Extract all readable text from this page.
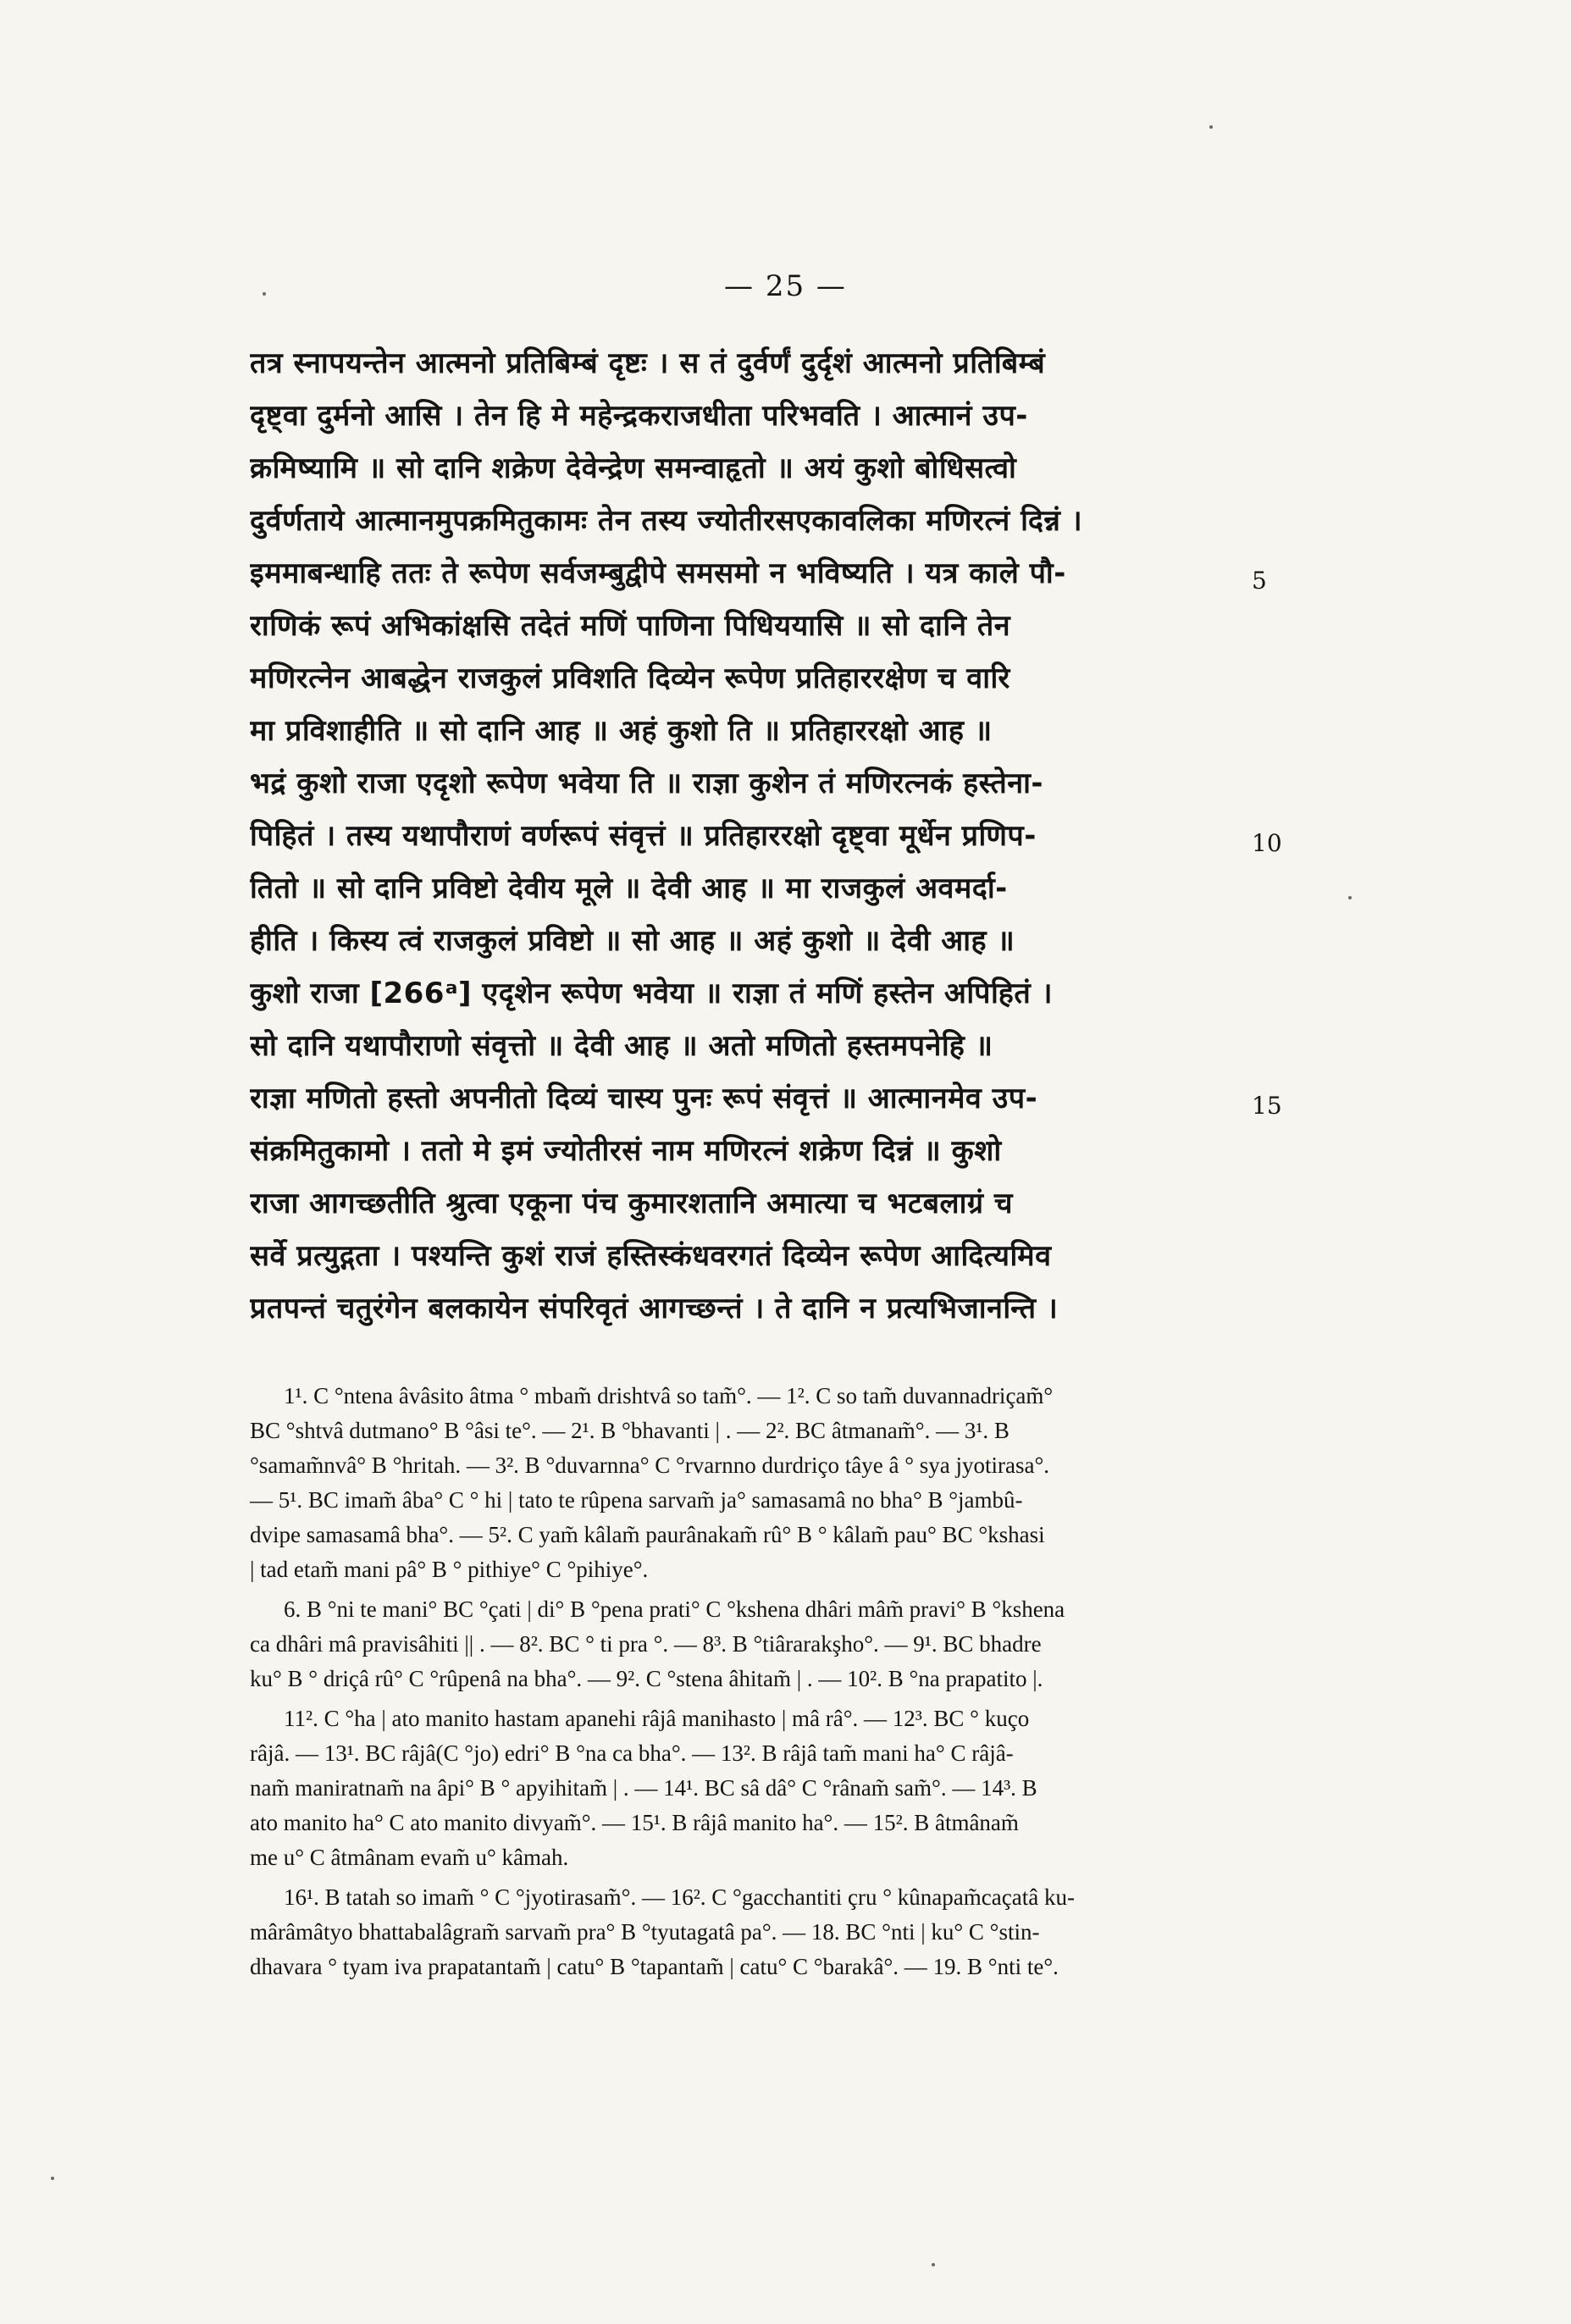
— 25 —
तत्र स्नापयन्तेन आत्मनो प्रतिबिम्बं दृष्टः । स तं दुर्वर्णं दुर्दृशं आत्मनो प्रतिबिम्बं
दृष्ट्वा दुर्मनो आसि । तेन हि मे महेन्द्रकराजधीता परिभवति । आत्मानं उप-
क्रमिष्यामि ॥ सो दानि शक्रेण देवेन्द्रेण समन्वाहृतो ॥ अयं कुशो बोधिसत्वो
दुर्वर्णताये आत्मानमुपक्रमितुकामः तेन तस्य ज्योतीरसएकावलिका मणिरत्नं दिन्नं ।
इममाबन्धाहि ततः ते रूपेण सर्वजम्बुद्वीपे समसमो न भविष्यति । यत्र काले पौ-
राणिकं रूपं अभिकांक्षसि तदेतं मणिं पाणिना पिधिययासि ॥ सो दानि तेन
मणिरत्नेन आबद्धेन राजकुलं प्रविशति दिव्येन रूपेण प्रतिहाररक्षेण च वारि
मा प्रविशाहीति ॥ सो दानि आह ॥ अहं कुशो ति ॥ प्रतिहाररक्षो आह ॥
भद्रं कुशो राजा एदृशो रूपेण भवेया ति ॥ राज्ञा कुशेन तं मणिरत्नकं हस्तेना-
पिहितं । तस्य यथापौराणं वर्णरूपं संवृत्तं ॥ प्रतिहाररक्षो दृष्ट्वा मूर्धेन प्रणिप-
तितो ॥ सो दानि प्रविष्टो देवीय मूले ॥ देवी आह ॥ मा राजकुलं अवमर्दा-
हीति । किस्य त्वं राजकुलं प्रविष्टो ॥ सो आह ॥ अहं कुशो ॥ देवी आह ॥
कुशो राजा [266ᵃ] एदृशेन रूपेण भवेया ॥ राज्ञा तं मणिं हस्तेन अपिहितं ।
सो दानि यथापौराणो संवृत्तो ॥ देवी आह ॥ अतो मणितो हस्तमपनेहि ॥
राज्ञा मणितो हस्तो अपनीतो दिव्यं चास्य पुनः रूपं संवृत्तं ॥ आत्मानमेव उप-
संक्रमितुकामो । ततो मे इमं ज्योतीरसं नाम मणिरत्नं शक्रेण दिन्नं ॥ कुशो
राजा आगच्छतीति श्रुत्वा एकूना पंच कुमारशतानि अमात्या च भटबलाग्रं च
सर्वे प्रत्युद्गता । पश्यन्ति कुशं राजं हस्तिस्कंधवरगतं दिव्येन रूपेण आदित्यमिव
प्रतपन्तं चतुरंगेन बलकायेन संपरिवृतं आगच्छन्तं । ते दानि न प्रत्यभिजानन्ति ।
5
10
15
1¹. C °ntena âvâsito âtma ° mbam̃ drishtvâ so tam̃°. — 1². C so tam̃ duvannadriçam̃°
BC °shtvâ dutmano° B °âsi te°. — 2¹. B °bhavanti | . — 2². BC âtmanam̃°. — 3¹. B
°samam̃nvâ° B °hritah. — 3². B °duvarnna° C °rvarnno durdriço tâye â ° sya jyotirasa°.
— 5¹. BC imam̃ âba° C ° hi | tato te rûpena sarvam̃ ja° samasamâ no bha° B °jambû-
dvipe samasamâ bha°. — 5². C yam̃ kâlam̃ paurânakam̃ rû° B ° kâlam̃ pau° BC °kshasi
| tad etam̃ mani pâ° B ° pithiye° C °pihiye°.
6. B °ni te mani° BC °çati | di° B °pena prati° C °kshena dhâri mâm̃ pravi° B °kshena
ca dhâri mâ pravisâhiti || . — 8². BC ° ti pra °. — 8³. B °tiârarakşho°. — 9¹. BC bhadre
ku° B ° driçâ rû° C °rûpenâ na bha°. — 9². C °stena âhitam̃ | . — 10². B °na prapatito |.
11². C °ha | ato manito hastam apanehi râjâ manihasto | mâ râ°. — 12³. BC ° kuço
râjâ. — 13¹. BC râjâ(C °jo) edri° B °na ca bha°. — 13². B râjâ tam̃ mani ha° C râjâ-
nam̃ maniratnam̃ na âpi° B ° apyihitam̃ | . — 14¹. BC sâ dâ° C °rânam̃ sam̃°. — 14³. B
ato manito ha° C ato manito divyam̃°. — 15¹. B râjâ manito ha°. — 15². B âtmânam̃
me u° C âtmânam evam̃ u° kâmah.
16¹. B tatah so imam̃ ° C °jyotirasam̃°. — 16². C °gacchantiti çru ° kûnapam̃caçatâ ku-
mârâmâtyo bhattabalâgram̃ sarvam̃ pra° B °tyutagatâ pa°. — 18. BC °nti | ku° C °stin-
dhavara ° tyam iva prapatantam̃ | catu° B °tapantam̃ | catu° C °barakâ°. — 19. B °nti te°.
